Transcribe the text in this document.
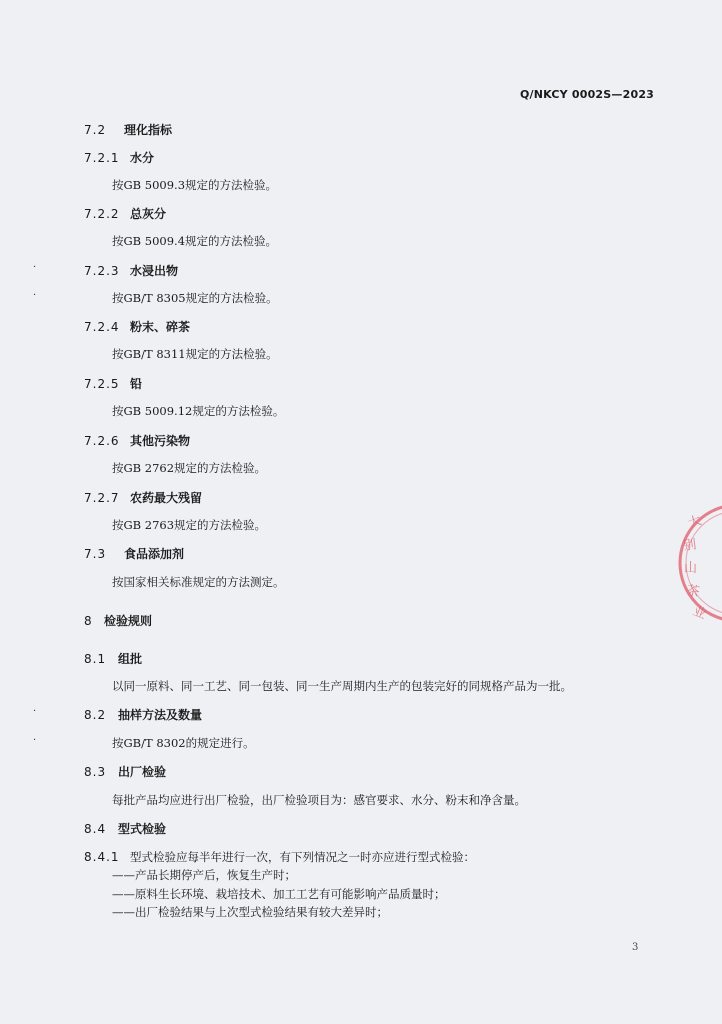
Q/NKCY 0002S—2023
7.2 理化指标
7.2.1 水分
按GB 5009.3规定的方法检验。
7.2.2 总灰分
按GB 5009.4规定的方法检验。
·	7.2.3 水浸出物
·	按GB/T 8305规定的方法检验。
7.2.4 粉末、碎茶
按GB/T 8311规定的方法检验。
7.2.5 铅
按GB 5009.12规定的方法检验。
7.2.6 其他污染物
按GB 2762规定的方法检验。
7.2.7 农药最大残留
按GB 2763规定的方法检验。
7.3 食品添加剂
按国家相关标准规定的方法测定。
8 检验规则
8.1 组批
以同一原料、同一工艺、同一包装、同一生产周期内生产的包装完好的同规格产品为一批。
·	8.2 抽样方法及数量
·	按GB/T 8302的规定进行。
8.3 出厂检验
每批产品均应进行出厂检验，出厂检验项目为：感官要求、水分、粉末和净含量。
8.4 型式检验
8.4.1 型式检验应每半年进行一次，有下列情况之一时亦应进行型式检验：
——产品长期停产后，恢复生产时；
——原料生长环境、栽培技术、加工工艺有可能影响产品质量时；
——出厂检验结果与上次型式检验结果有较大差异时；
3
大
别
山
茶
业
